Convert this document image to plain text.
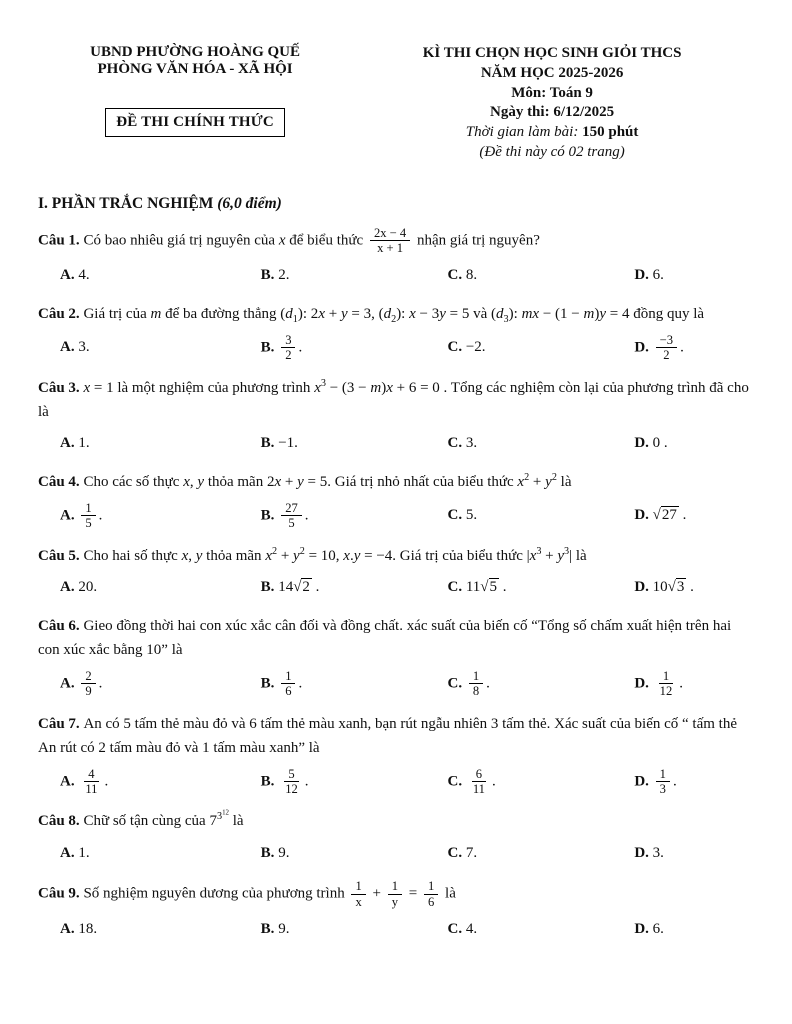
UBND PHƯỜNG HOÀNG QUẾ
PHÒNG VĂN HÓA - XÃ HỘI
ĐỀ THI CHÍNH THỨC
KÌ THI CHỌN HỌC SINH GIỎI THCS
NĂM HỌC 2025-2026
Môn: Toán 9
Ngày thi: 6/12/2025
Thời gian làm bài: 150 phút
(Đề thi này có 02 trang)
I. PHẦN TRẮC NGHIỆM (6,0 điểm)
Câu 1. Có bao nhiêu giá trị nguyên của x để biểu thức $\frac{2x - 4}{x + 1}$ nhận giá trị nguyên?
A. 4.	B. 2.	C. 8.	D. 6.
Câu 2. Giá trị của m để ba đường thẳng $(d_1)$: 2x + y = 3, $(d_2)$: x − 3y = 5 và $(d_3)$: mx − (1 − m)y = 4 đồng quy là
A. 3.	B. $\frac{3}{2}$ .	C. −2.	D. $\frac{-3}{2}$ .
Câu 3. x = 1 là một nghiệm của phương trình $x^3 - (3 - m)x + 6 = 0$ . Tổng các nghiệm còn lại của phương trình đã cho là
A. 1.	B. −1.	C. 3.	D. 0 .
Câu 4. Cho các số thực x, y thỏa mãn 2x + y = 5. Giá trị nhỏ nhất của biểu thức $x^2 + y^2$ là
A. $\frac{1}{5}$ .	B. $\frac{27}{5}$ .	C. 5.	D. √27 .
Câu 5. Cho hai số thực x, y thỏa mãn $x^2 + y^2 = 10$, x.y = −4. Giá trị của biểu thức $|x^3 + y^3|$ là
A. 20.	B. 14√2 .	C. 11√5 .	D. 10√3 .
Câu 6. Gieo đồng thời hai con xúc xắc cân đối và đồng chất. xác suất của biến cố “Tổng số chấm xuất hiện trên hai con xúc xắc bằng 10” là
A. $\frac{2}{9}$ .	B. $\frac{1}{6}$ .	C. $\frac{1}{8}$ .	D. $\frac{1}{12}$ .
Câu 7. An có 5 tấm thẻ màu đỏ và 6 tấm thẻ màu xanh, bạn rút ngẫu nhiên 3 tấm thẻ. Xác suất của biến cố “ tấm thẻ An rút có 2 tấm màu đỏ và 1 tấm màu xanh” là
A. $\frac{4}{11}$ .	B. $\frac{5}{12}$ .	C. $\frac{6}{11}$ .	D. $\frac{1}{3}$ .
Câu 8. Chữ số tận cùng của $7^{3^{12}}$ là
A. 1.	B. 9.	C. 7.	D. 3.
Câu 9. Số nghiệm nguyên dương của phương trình $\frac{1}{x} + \frac{1}{y} = \frac{1}{6}$ là
A. 18.	B. 9.	C. 4.	D. 6.
